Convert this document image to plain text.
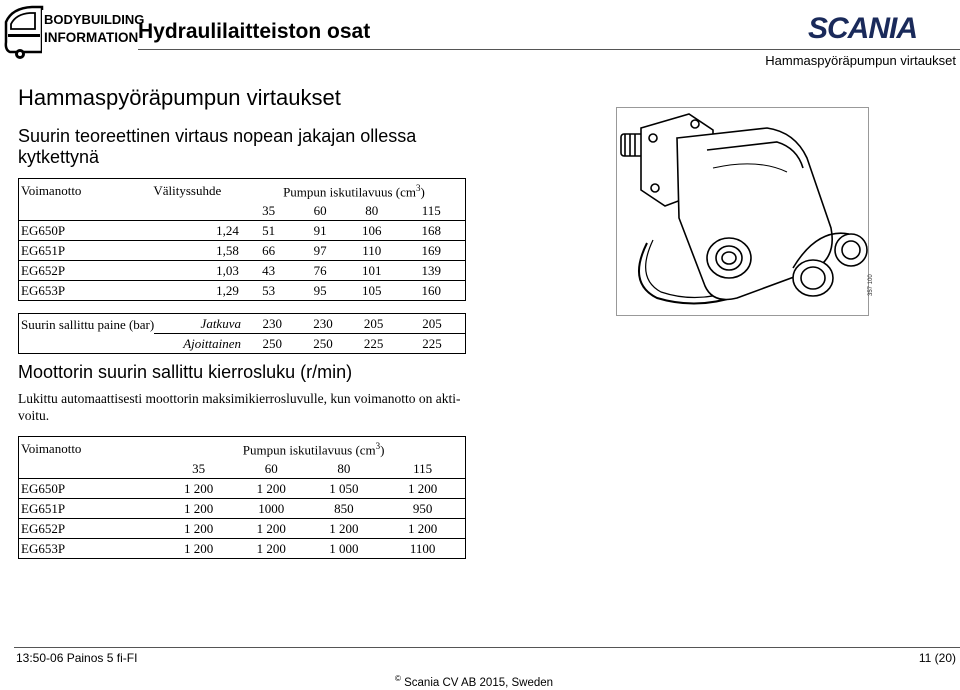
BODYBUILDING
INFORMATION Hydraulilaitteiston osat	SCANIA
Hammaspyöräpumpun virtaukset
Hammaspyöräpumpun virtaukset
Suurin teoreettinen virtaus nopean jakajan ollessa kytkettynä
Voimanotto	Välityssuhde	Pumpun iskutilavuus $(cm^3)$			
		35	60	80	115
EG650P	1,24	51	91	106	168
EG651P	1,58	66	97	110	169
EG652P	1,03	43	76	101	139
EG653P	1,29	53	95	105	160
Suurin sallittu paine (bar)	Jatkuva	230	230	205	205
	Ajoittainen	250	250	225	225
Moottorin suurin sallittu kierrosluku (r/min)
Lukittu automaattisesti moottorin maksimikierrosluvulle, kun voimanotto on akti-voitu.
Voimanotto	Pumpun iskutilavuus $(cm^3)$			
	35	60	80	115
EG650P	1 200	1 200	1 050	1 200
EG651P	1 200	1000	850	950
EG652P	1 200	1 200	1 200	1 200
EG653P	1 200	1 200	1 000	1100
357 100
13:50-06 Painos 5 fi-FI	11 (20)
© Scania CV AB 2015, Sweden
